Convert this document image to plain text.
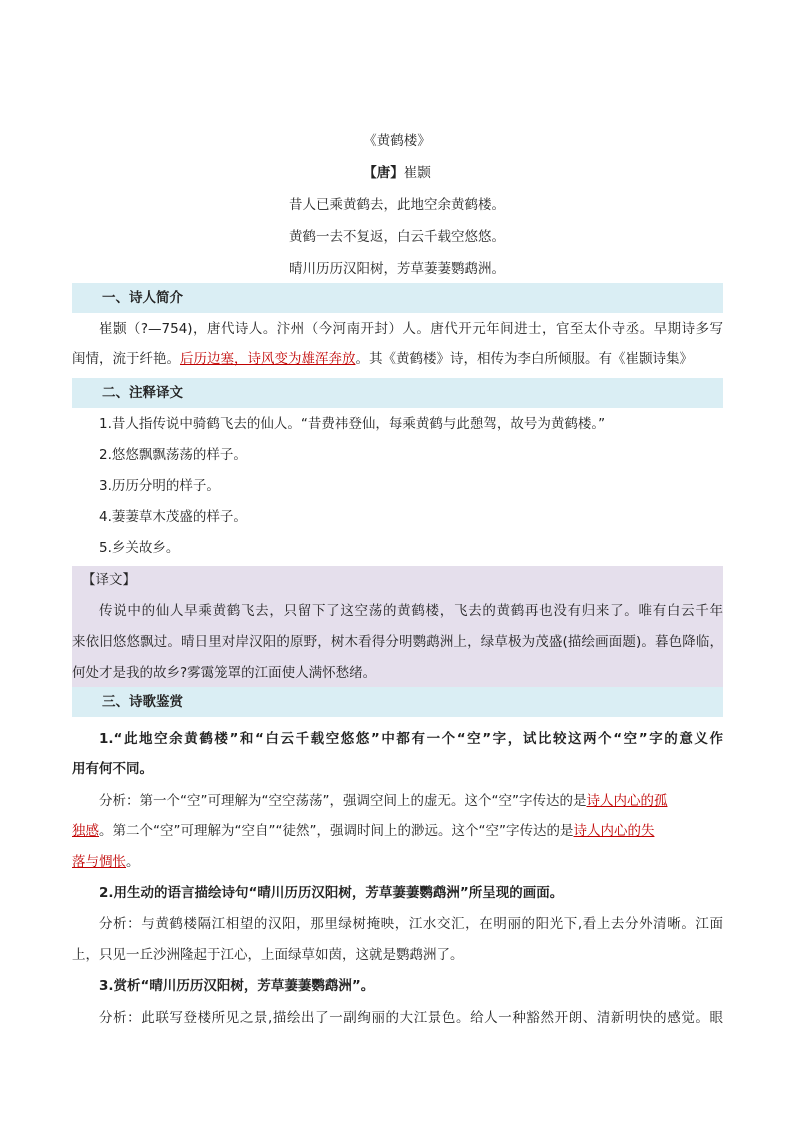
《黄鹤楼》
【唐】崔颢
昔人已乘黄鹤去，此地空余黄鹤楼。
黄鹤一去不复返，白云千载空悠悠。
晴川历历汉阳树，芳草萋萋鹦鹉洲。
一、诗人简介
崔颢（?—754)，唐代诗人。汴州（今河南开封）人。唐代开元年间进士，官至太仆寺丞。早期诗多写
闺情，流于纤艳。后历边塞，诗风变为雄浑奔放。其《黄鹤楼》诗，相传为李白所倾服。有《崔颢诗集》
二、注释译文
1.昔人指传说中骑鹤飞去的仙人。“昔费祎登仙，每乘黄鹤与此憩驾，故号为黄鹤楼。”
2.悠悠飘飘荡荡的样子。
3.历历分明的样子。
4.萋萋草木茂盛的样子。
5.乡关故乡。
【译文】
传说中的仙人早乘黄鹤飞去，只留下了这空荡的黄鹤楼，飞去的黄鹤再也没有归来了。唯有白云千年
来依旧悠悠飘过。晴日里对岸汉阳的原野，树木看得分明鹦鹉洲上，绿草极为茂盛(描绘画面题)。暮色降临，
何处才是我的故乡?雾霭笼罩的江面使人满怀愁绪。
三、诗歌鉴赏
1.“此地空余黄鹤楼”和“白云千载空悠悠”中都有一个“空”字，试比较这两个“空”字的意义作
用有何不同。
分析：第一个“空”可理解为“空空荡荡”，强调空间上的虚无。这个“空”字传达的是诗人内心的孤
独感。第二个“空”可理解为“空自”“徒然”，强调时间上的渺远。这个“空”字传达的是诗人内心的失
落与惆怅。
2.用生动的语言描绘诗句“晴川历历汉阳树，芳草萋萋鹦鹉洲”所呈现的画面。
分析：与黄鹤楼隔江相望的汉阳，那里绿树掩映，江水交汇，在明丽的阳光下,看上去分外清晰。江面
上，只见一丘沙洲隆起于江心，上面绿草如茵，这就是鹦鹉洲了。
3.赏析“晴川历历汉阳树，芳草萋萋鹦鹉洲”。
分析：此联写登楼所见之景,描绘出了一副绚丽的大江景色。给人一种豁然开朗、清新明快的感觉。眼
